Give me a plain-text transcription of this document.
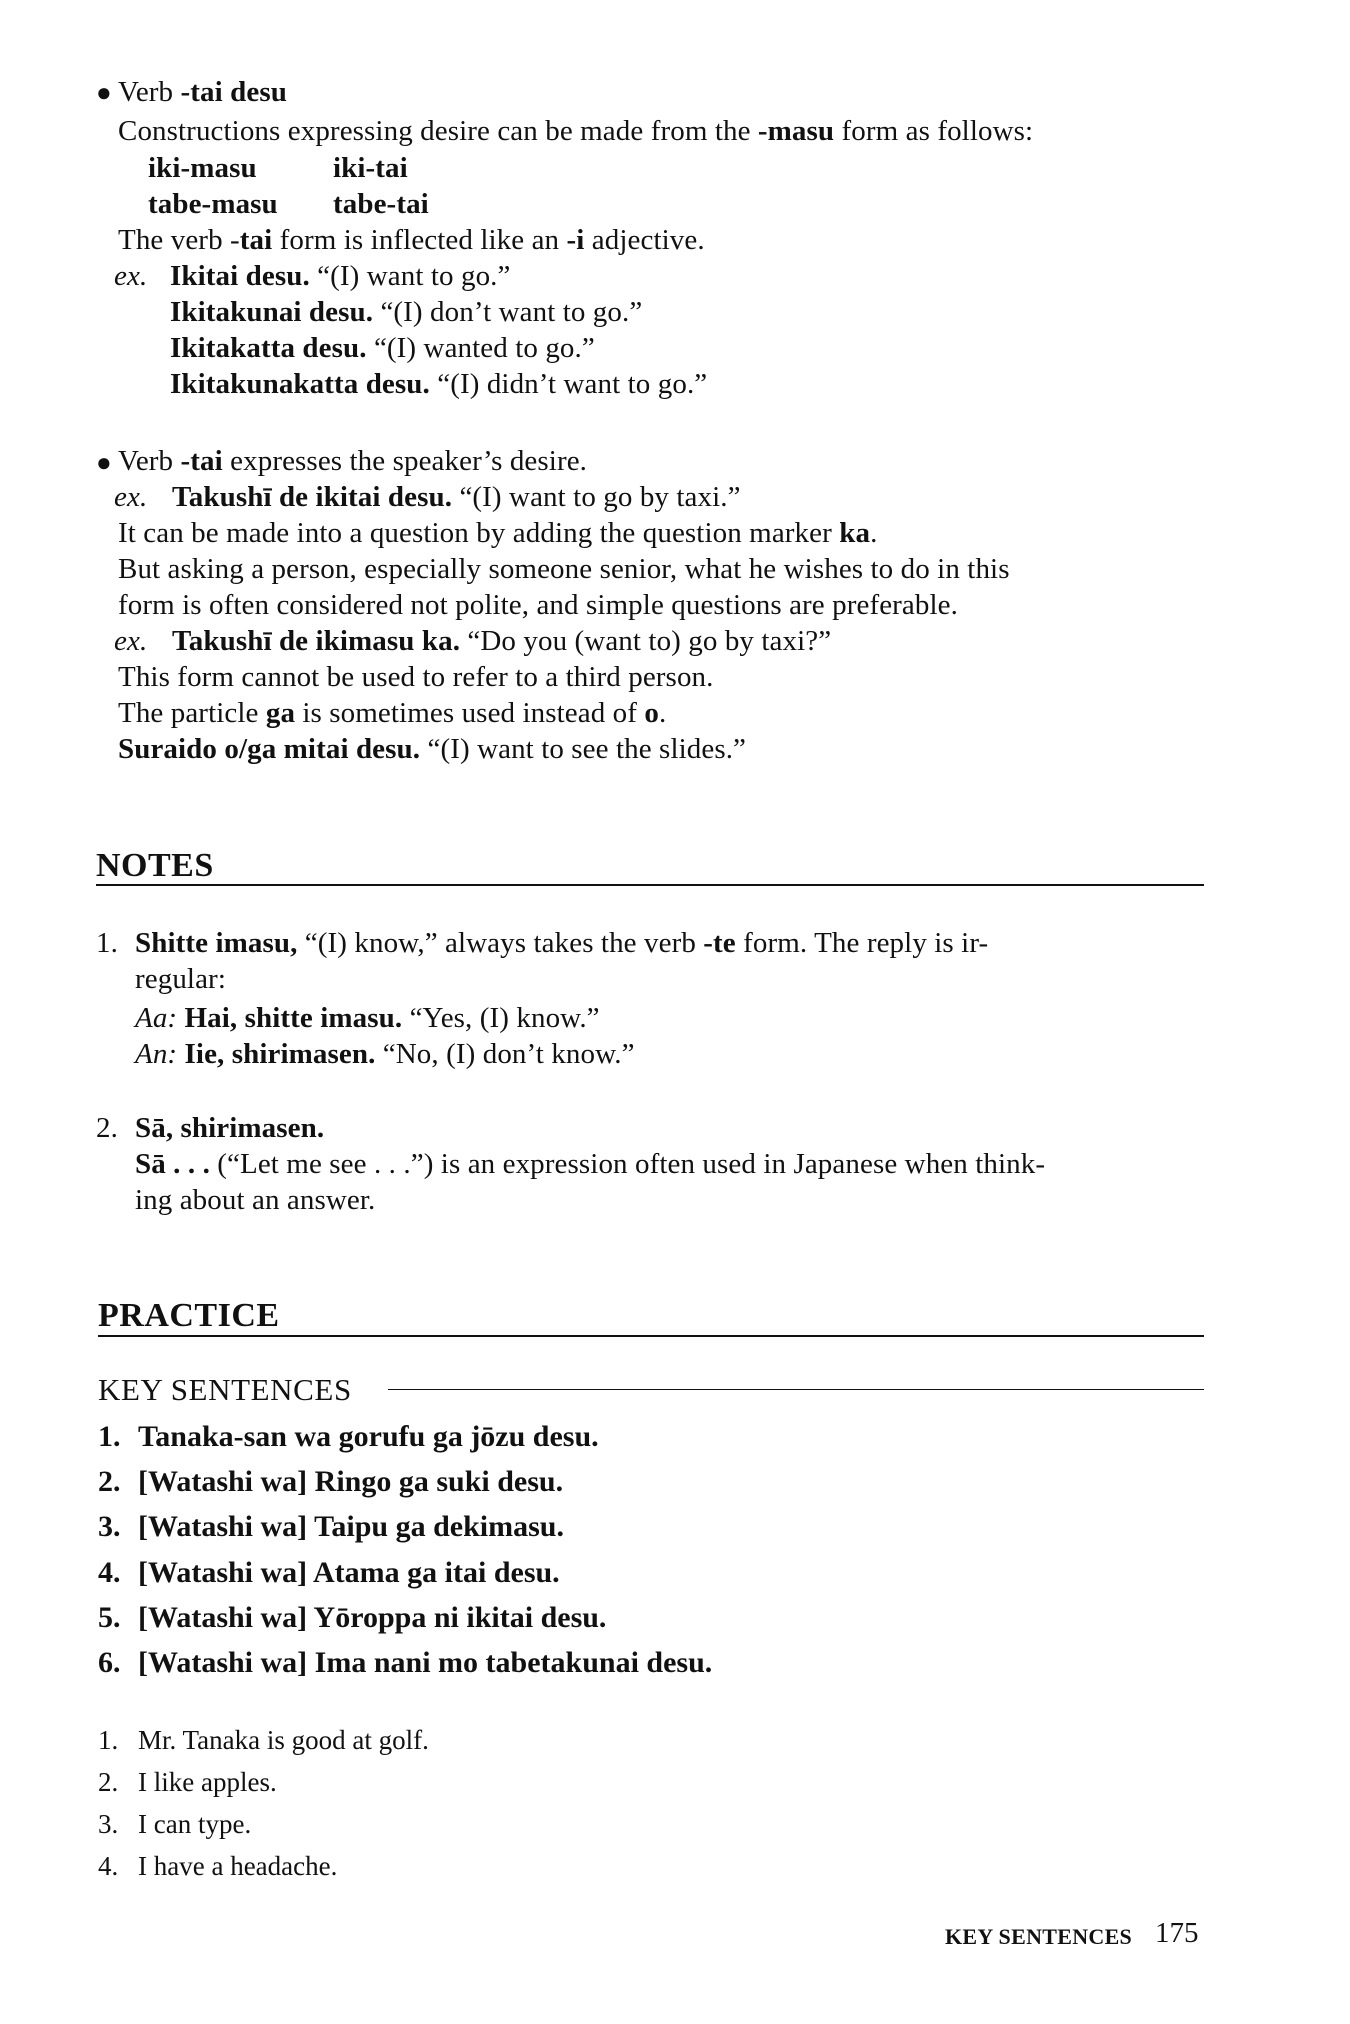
● Verb -tai desu
Constructions expressing desire can be made from the -masu form as follows:
iki-masu	iki-tai
tabe-masu tabe-tai
The verb -tai form is inflected like an -i adjective.
ex. Ikitai desu. “(I) want to go.”
Ikitakunai desu. “(I) don’t want to go.”
Ikitakatta desu. “(I) wanted to go.”
Ikitakunakatta desu. “(I) didn’t want to go.”
● Verb -tai expresses the speaker’s desire.
ex. Takushī de ikitai desu. “(I) want to go by taxi.”
It can be made into a question by adding the question marker ka.
But asking a person, especially someone senior, what he wishes to do in this
form is often considered not polite, and simple questions are preferable.
ex. Takushī de ikimasu ka. “Do you (want to) go by taxi?”
This form cannot be used to refer to a third person.
The particle ga is sometimes used instead of o.
Suraido o/ga mitai desu. “(I) want to see the slides.”
NOTES
1. Shitte imasu, “(I) know,” always takes the verb -te form. The reply is ir-
regular:
Aa: Hai, shitte imasu. “Yes, (I) know.”
An: Iie, shirimasen. “No, (I) don’t know.”
2. Sā, shirimasen.
Sā . . . (“Let me see . . .”) is an expression often used in Japanese when think-
ing about an answer.
PRACTICE
KEY SENTENCES
1. Tanaka-san wa gorufu ga jōzu desu.
2. [Watashi wa] Ringo ga suki desu.
3. [Watashi wa] Taipu ga dekimasu.
4. [Watashi wa] Atama ga itai desu.
5. [Watashi wa] Yōroppa ni ikitai desu.
6. [Watashi wa] Ima nani mo tabetakunai desu.
1. Mr. Tanaka is good at golf.
2. I like apples.
3. I can type.
4. I have a headache.
KEY SENTENCES 175
